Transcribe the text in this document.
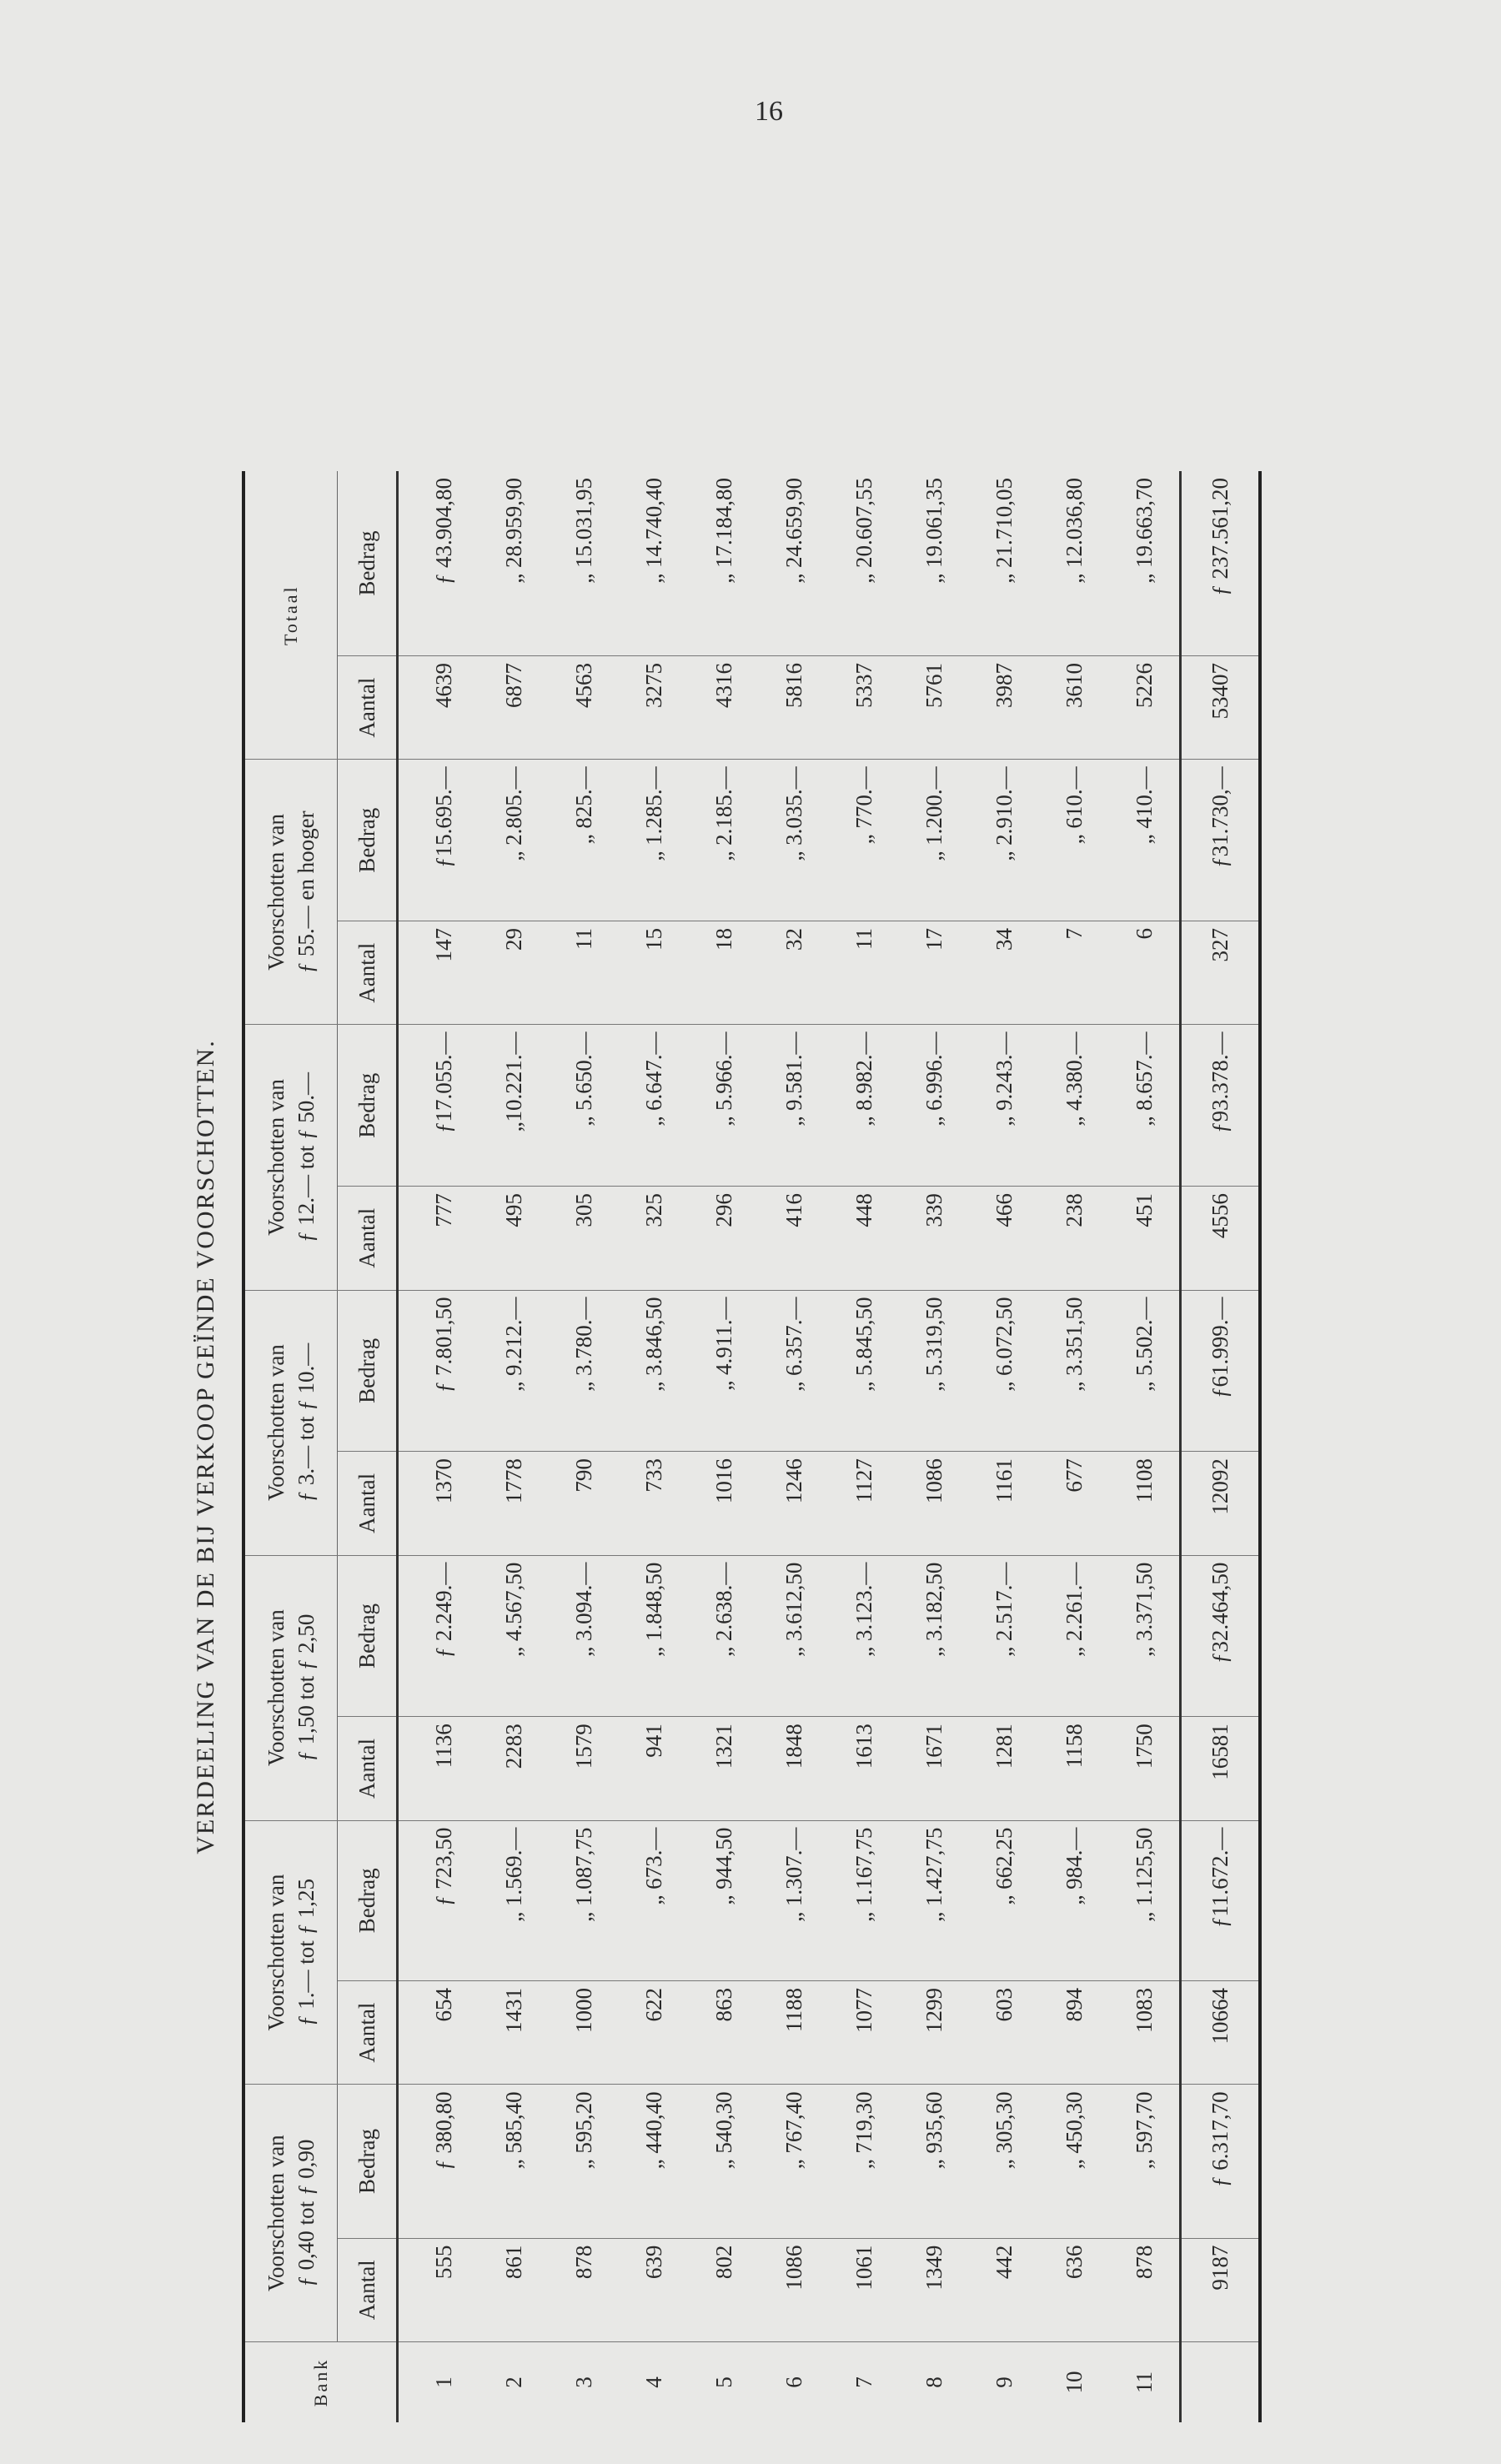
16
VERDEELING VAN DE BIJ VERKOOP GEÏNDE VOORSCHOTTEN.
Bank	Voorschotten van ƒ 0,40 tot ƒ 0,90		Voorschotten van ƒ 1.— tot ƒ 1,25		Voorschotten van ƒ 1,50 tot ƒ 2,50		Voorschotten van ƒ 3.— tot ƒ 10.—		Voorschotten van ƒ 12.— tot ƒ 50.—		Voorschotten van ƒ 55.— en hooger		Totaal	
	Aantal	Bedrag	Aantal	Bedrag	Aantal	Bedrag	Aantal	Bedrag	Aantal	Bedrag	Aantal	Bedrag	Aantal	Bedrag
1	555	ƒ 380,80	654	ƒ 723,50	1136	ƒ 2.249.—	1370	ƒ 7.801,50	777	ƒ17.055.—	147	ƒ15.695.—	4639	ƒ 43.904,80
2	861	„ 585,40	1431	„ 1.569.—	2283	„ 4.567,50	1778	„ 9.212.—	495	„10.221.—	29	„ 2.805.—	6877	„ 28.959,90
3	878	„ 595,20	1000	„ 1.087,75	1579	„ 3.094.—	790	„ 3.780.—	305	„ 5.650.—	11	„ 825.—	4563	„ 15.031,95
4	639	„ 440,40	622	„ 673.—	941	„ 1.848,50	733	„ 3.846,50	325	„ 6.647.—	15	„ 1.285.—	3275	„ 14.740,40
5	802	„ 540,30	863	„ 944,50	1321	„ 2.638.—	1016	„ 4.911.—	296	„ 5.966.—	18	„ 2.185.—	4316	„ 17.184,80
6	1086	„ 767,40	1188	„ 1.307.—	1848	„ 3.612,50	1246	„ 6.357.—	416	„ 9.581.—	32	„ 3.035.—	5816	„ 24.659,90
7	1061	„ 719,30	1077	„ 1.167,75	1613	„ 3.123.—	1127	„ 5.845,50	448	„ 8.982.—	11	„ 770.—	5337	„ 20.607,55
8	1349	„ 935,60	1299	„ 1.427,75	1671	„ 3.182,50	1086	„ 5.319,50	339	„ 6.996.—	17	„ 1.200.—	5761	„ 19.061,35
9	442	„ 305,30	603	„ 662,25	1281	„ 2.517.—	1161	„ 6.072,50	466	„ 9.243.—	34	„ 2.910.—	3987	„ 21.710,05
10	636	„ 450,30	894	„ 984.—	1158	„ 2.261.—	677	„ 3.351,50	238	„ 4.380.—	7	„ 610.—	3610	„ 12.036,80
11	878	„ 597,70	1083	„ 1.125,50	1750	„ 3.371,50	1108	„ 5.502.—	451	„ 8.657.—	6	„ 410.—	5226	„ 19.663,70
	9187	ƒ 6.317,70	10664	ƒ11.672.—	16581	ƒ32.464,50	12092	ƒ61.999.—	4556	ƒ93.378.—	327	ƒ31.730,—	53407	ƒ 237.561,20
